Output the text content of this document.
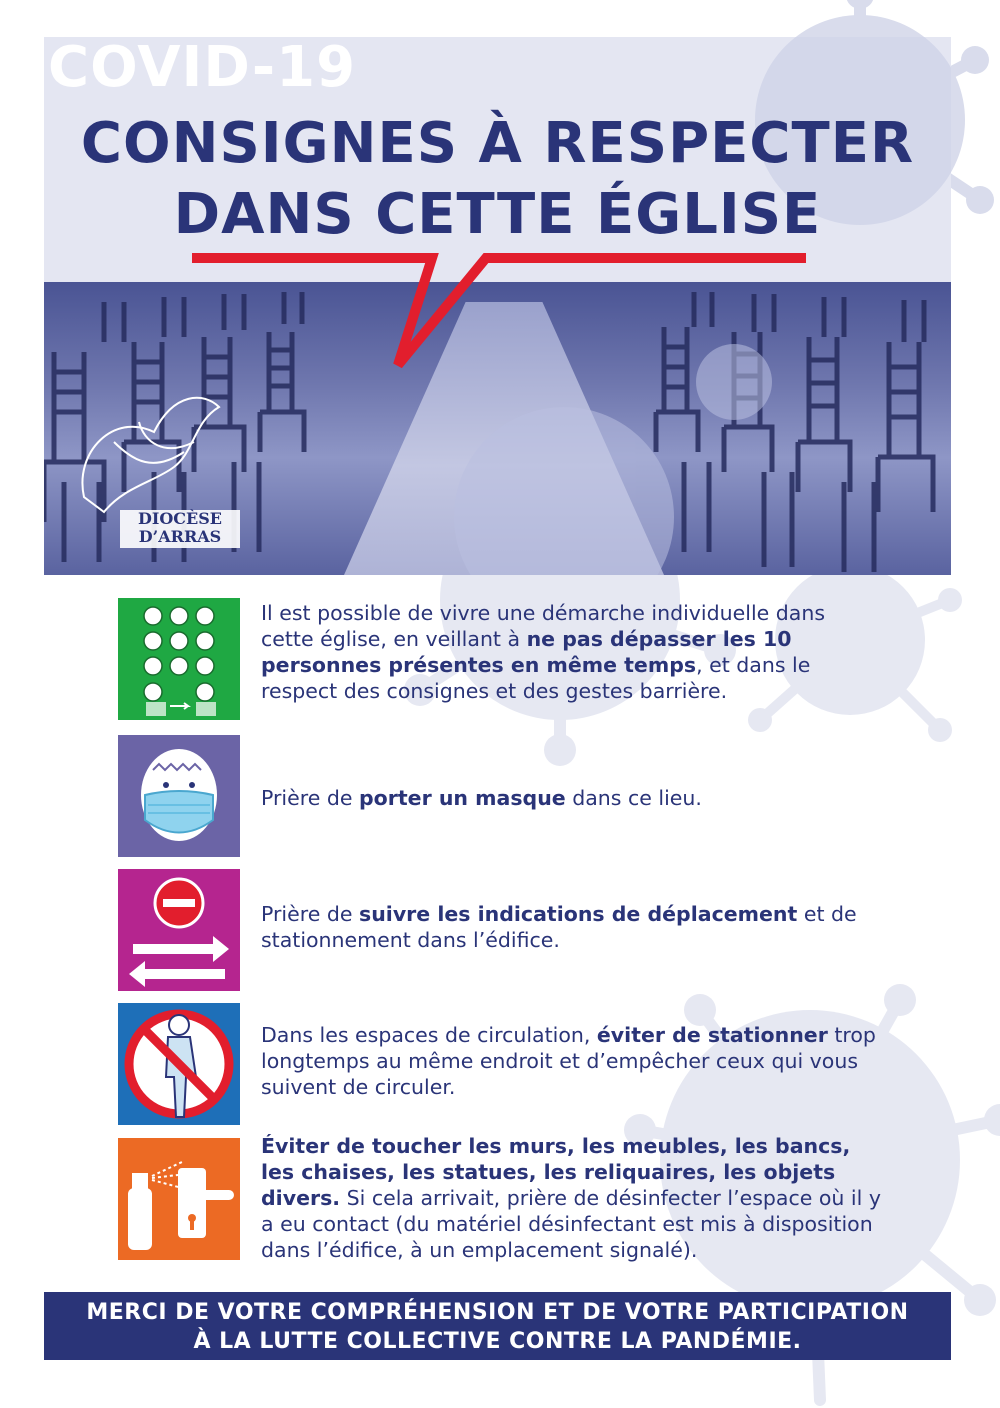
COVID-19
CONSIGNES À RESPECTER
DANS CETTE ÉGLISE
DIOCÈSE
D’ARRAS
Il est possible de vivre une démarche individuelle dans cette église, en veillant à ne pas dépasser les 10 personnes présentes en même temps, et dans le respect des consignes et des gestes barrière.
Prière de porter un masque dans ce lieu.
Prière de suivre les indications de déplacement et de stationnement dans l’édifice.
Dans les espaces de circulation, éviter de stationner trop longtemps au même endroit et d’empêcher ceux qui vous suivent de circuler.
Éviter de toucher les murs, les meubles, les bancs, les chaises, les statues, les reliquaires, les objets divers. Si cela arrivait, prière de désinfecter l’espace où il y a eu contact (du matériel désinfectant est mis à disposition dans l’édifice, à un emplacement signalé).
MERCI DE VOTRE COMPRÉHENSION ET DE VOTRE PARTICIPATION
À LA LUTTE COLLECTIVE CONTRE LA PANDÉMIE.
